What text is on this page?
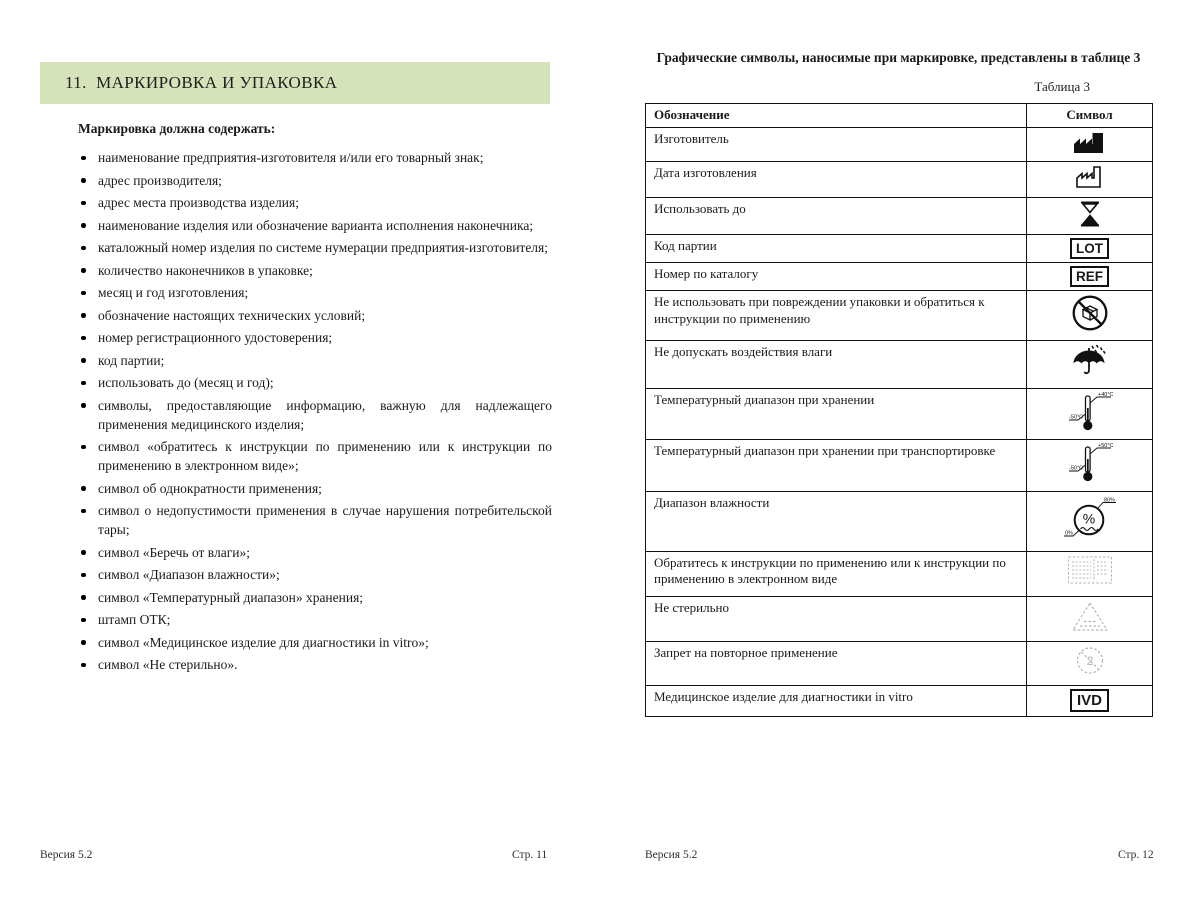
11.  МАРКИРОВКА И УПАКОВКА
Маркировка должна содержать:
наименование предприятия-изготовителя и/или его товарный знак;
адрес производителя;
адрес места производства изделия;
наименование изделия или обозначение варианта исполнения наконечника;
каталожный номер изделия по системе нумерации предприятия-изготовителя;
количество наконечников в упаковке;
месяц и год изготовления;
обозначение настоящих технических условий;
номер регистрационного удостоверения;
код партии;
использовать до (месяц и год);
символы, предоставляющие информацию, важную для надлежащего применения медицинского изделия;
символ «обратитесь к инструкции по применению или к инструкции по применению в электронном виде»;
символ об однократности применения;
символ о недопустимости применения в случае нарушения потребительской тары;
символ «Беречь от влаги»;
символ «Диапазон влажности»;
символ «Температурный диапазон» хранения;
штамп ОТК;
символ «Медицинское изделие для диагностики in vitro»;
символ «Не стерильно».
Версия 5.2	Стр. 11
Графические символы, наносимые при маркировке, представлены в таблице 3
Таблица 3
Обозначение	Символ
Изготовитель	
Дата изготовления	
Использовать до	
Код партии	LOT
Номер по каталогу	REF
Не использовать при повреждении упаковки и обратиться к инструкции по применению	
Не допускать воздействия влаги	
Температурный диапазон при хранении	+40°C
-50°C

Температурный диапазон при хранении при транспортировке	+50°C
-50°C

Диапазон влажности	80%
0%
%

Обратитесь к инструкции по применению или к инструкции по применению в электронном виде	
Не стерильно	
Запрет на повторное применение	2

Медицинское изделие для диагностики in vitro	IVD
Версия 5.2	Стр. 12
